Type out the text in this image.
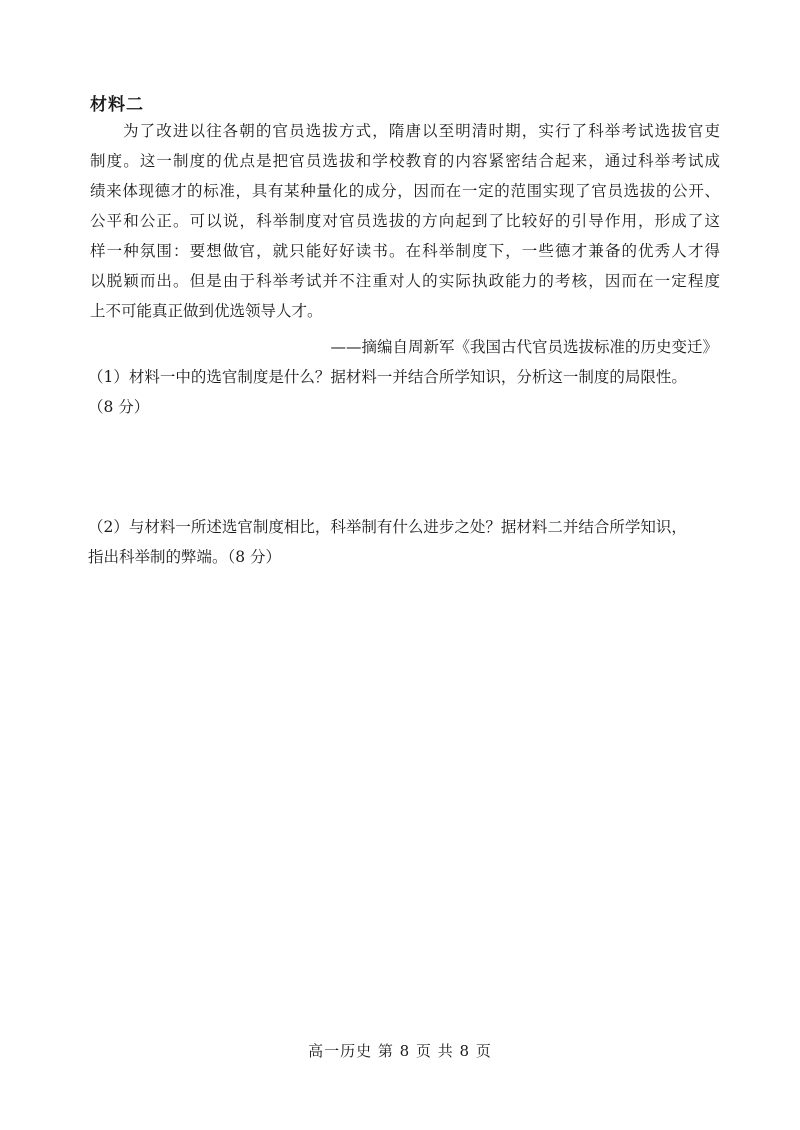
材料二
为了改进以往各朝的官员选拔方式，隋唐以至明清时期，实行了科举考试选拔官吏
制度。这一制度的优点是把官员选拔和学校教育的内容紧密结合起来，通过科举考试成
绩来体现德才的标准，具有某种量化的成分，因而在一定的范围实现了官员选拔的公开、
公平和公正。可以说，科举制度对官员选拔的方向起到了比较好的引导作用，形成了这
样一种氛围：要想做官，就只能好好读书。在科举制度下，一些德才兼备的优秀人才得
以脱颖而出。但是由于科举考试并不注重对人的实际执政能力的考核，因而在一定程度
上不可能真正做到优选领导人才。
——摘编自周新军《我国古代官员选拔标准的历史变迁》
（1）材料一中的选官制度是什么？据材料一并结合所学知识，分析这一制度的局限性。
（8 分）
（2）与材料一所述选官制度相比，科举制有什么进步之处？据材料二并结合所学知识，
指出科举制的弊端。（8 分）
高一历史 第 8 页 共 8 页
